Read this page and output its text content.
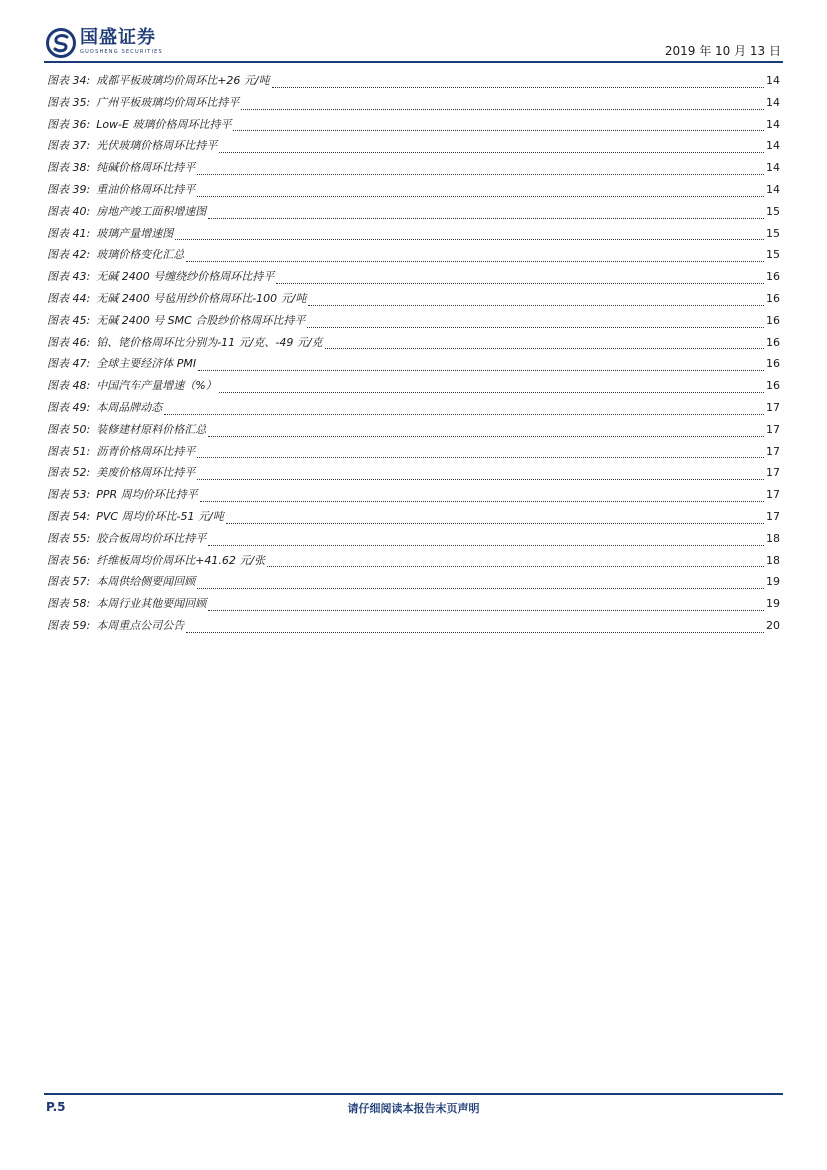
国盛证券
GUOSHENG SECURITIES	2019 年 10 月 13 日
图表 34: 成都平板玻璃均价周环比+26 元/吨	14
图表 35: 广州平板玻璃均价周环比持平	14
图表 36: Low-E 玻璃价格周环比持平	14
图表 37: 光伏玻璃价格周环比持平	14
图表 38: 纯碱价格周环比持平	14
图表 39: 重油价格周环比持平	14
图表 40: 房地产竣工面积增速图	15
图表 41: 玻璃产量增速图	15
图表 42: 玻璃价格变化汇总	15
图表 43: 无碱 2400 号缠绕纱价格周环比持平	16
图表 44: 无碱 2400 号毡用纱价格周环比-100 元/吨	16
图表 45: 无碱 2400 号 SMC 合股纱价格周环比持平	16
图表 46: 铂、铑价格周环比分别为-11 元/克、-49 元/克	16
图表 47: 全球主要经济体 PMI	16
图表 48: 中国汽车产量增速（%）	16
图表 49: 本周品牌动态	17
图表 50: 装修建材原料价格汇总	17
图表 51: 沥青价格周环比持平	17
图表 52: 美废价格周环比持平	17
图表 53: PPR 周均价环比持平	17
图表 54: PVC 周均价环比-51 元/吨	17
图表 55: 胶合板周均价环比持平	18
图表 56: 纤维板周均价周环比+41.62 元/张	18
图表 57: 本周供给侧要闻回顾	19
图表 58: 本周行业其他要闻回顾	19
图表 59: 本周重点公司公告	20
P.5	请仔细阅读本报告末页声明
